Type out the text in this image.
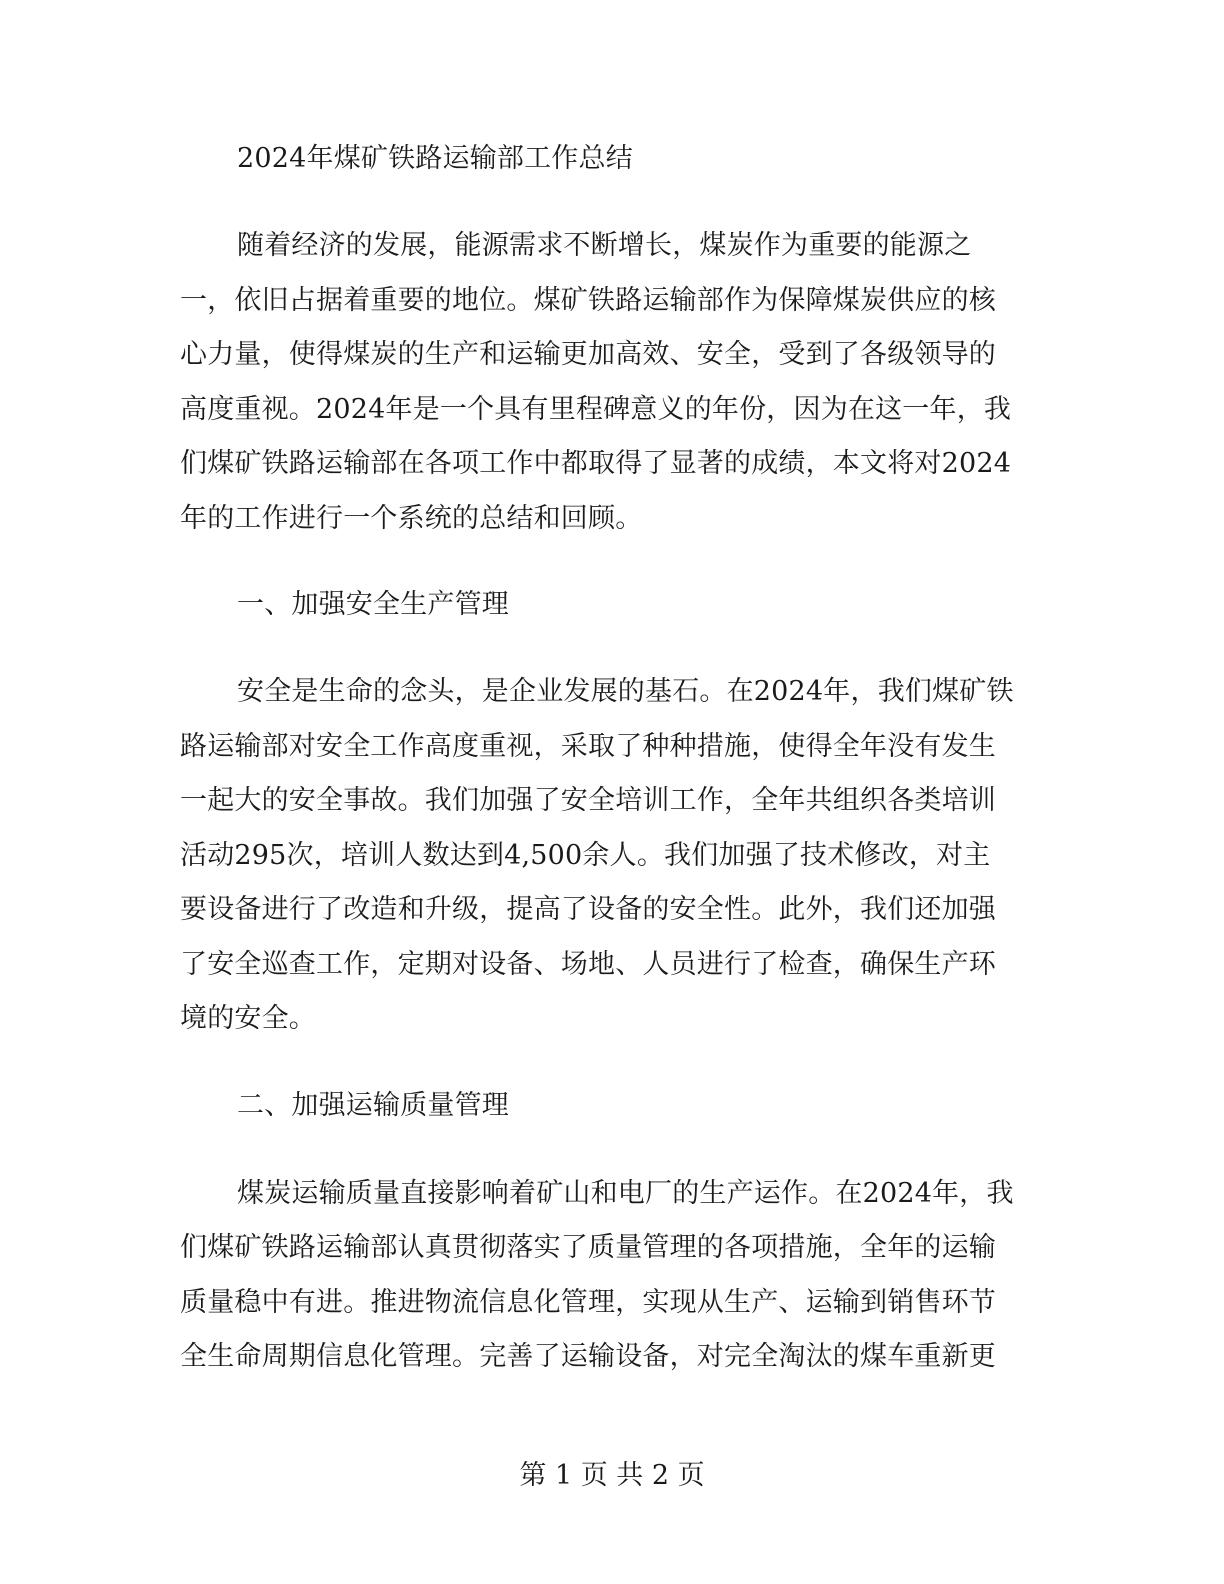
2024年煤矿铁路运输部工作总结
随着经济的发展，能源需求不断增长，煤炭作为重要的能源之
一，依旧占据着重要的地位。煤矿铁路运输部作为保障煤炭供应的核
心力量，使得煤炭的生产和运输更加高效、安全，受到了各级领导的
高度重视。2024年是一个具有里程碑意义的年份，因为在这一年，我
们煤矿铁路运输部在各项工作中都取得了显著的成绩，本文将对2024
年的工作进行一个系统的总结和回顾。
一、加强安全生产管理
安全是生命的念头，是企业发展的基石。在2024年，我们煤矿铁
路运输部对安全工作高度重视，采取了种种措施，使得全年没有发生
一起大的安全事故。我们加强了安全培训工作，全年共组织各类培训
活动295次，培训人数达到4,500余人。我们加强了技术修改，对主
要设备进行了改造和升级，提高了设备的安全性。此外，我们还加强
了安全巡查工作，定期对设备、场地、人员进行了检查，确保生产环
境的安全。
二、加强运输质量管理
煤炭运输质量直接影响着矿山和电厂的生产运作。在2024年，我
们煤矿铁路运输部认真贯彻落实了质量管理的各项措施，全年的运输
质量稳中有进。推进物流信息化管理，实现从生产、运输到销售环节
全生命周期信息化管理。完善了运输设备，对完全淘汰的煤车重新更
第 1 页 共 2 页
